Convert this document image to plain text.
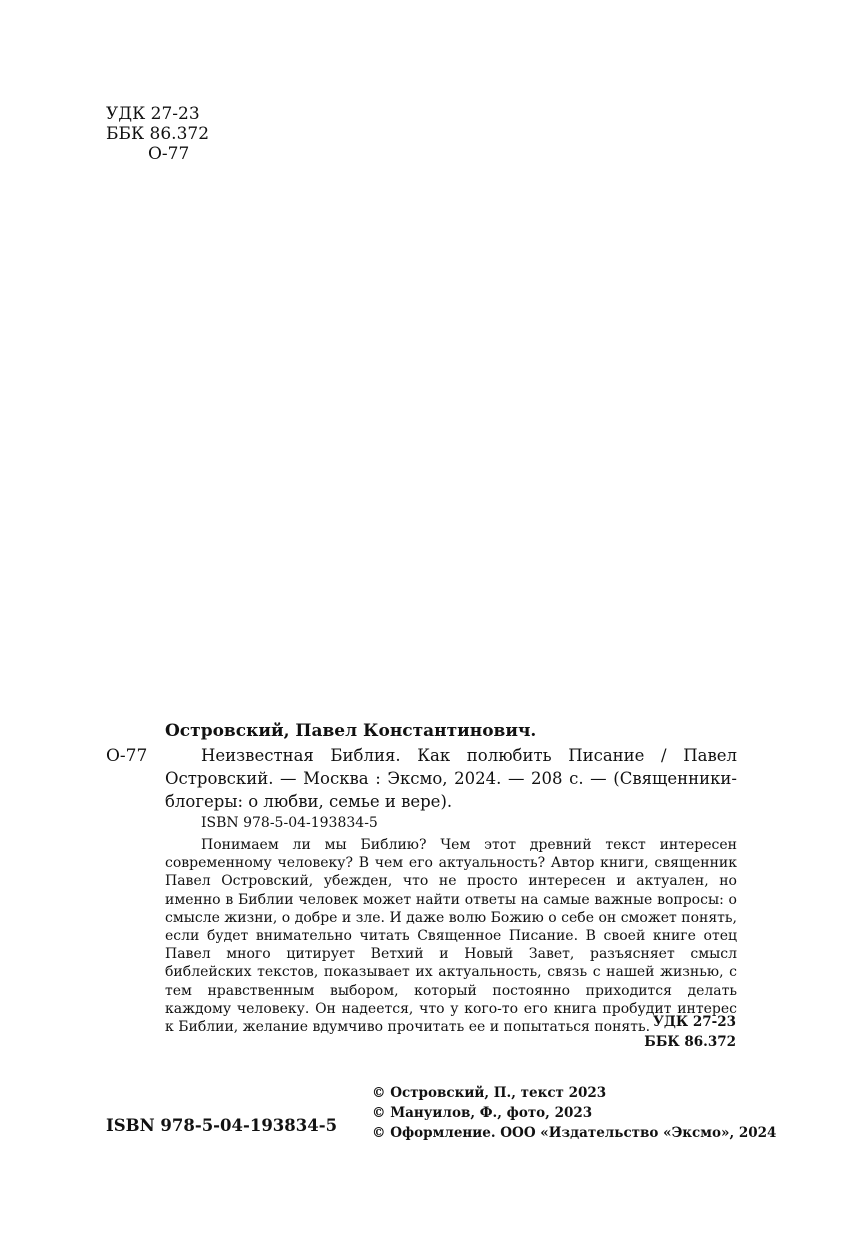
УДК 27-23
ББК 86.372
О-77
Островский, Павел Константинович.
О-77	Неизвестная Библия. Как полюбить Писание / Павел Островский. — Москва : Эксмо, 2024. — 208 с. — (Священники-блогеры: о любви, семье и вере).
ISBN 978-5-04-193834-5
Понимаем ли мы Библию? Чем этот древний текст интересен современному человеку? В чем его актуальность? Автор книги, священник Павел Островский, убежден, что не просто интересен и актуален, но именно в Библии человек может найти ответы на самые важные вопросы: о смысле жизни, о добре и зле. И даже волю Божию о себе он сможет понять, если будет внимательно читать Священное Писание. В своей книге отец Павел много цитирует Ветхий и Новый Завет, разъясняет смысл библейских текстов, показывает их актуальность, связь с нашей жизнью, с тем нравственным выбором, который постоянно приходится делать каждому человеку. Он надеется, что у кого-то его книга пробудит интерес к Библии, желание вдумчиво прочитать ее и попытаться понять. УДК 27-23
ББК 86.372
© Островский, П., текст 2023
© Мануилов, Ф., фото, 2023
© Оформление. ООО «Издательство «Эксмо», 2024
ISBN 978-5-04-193834-5
